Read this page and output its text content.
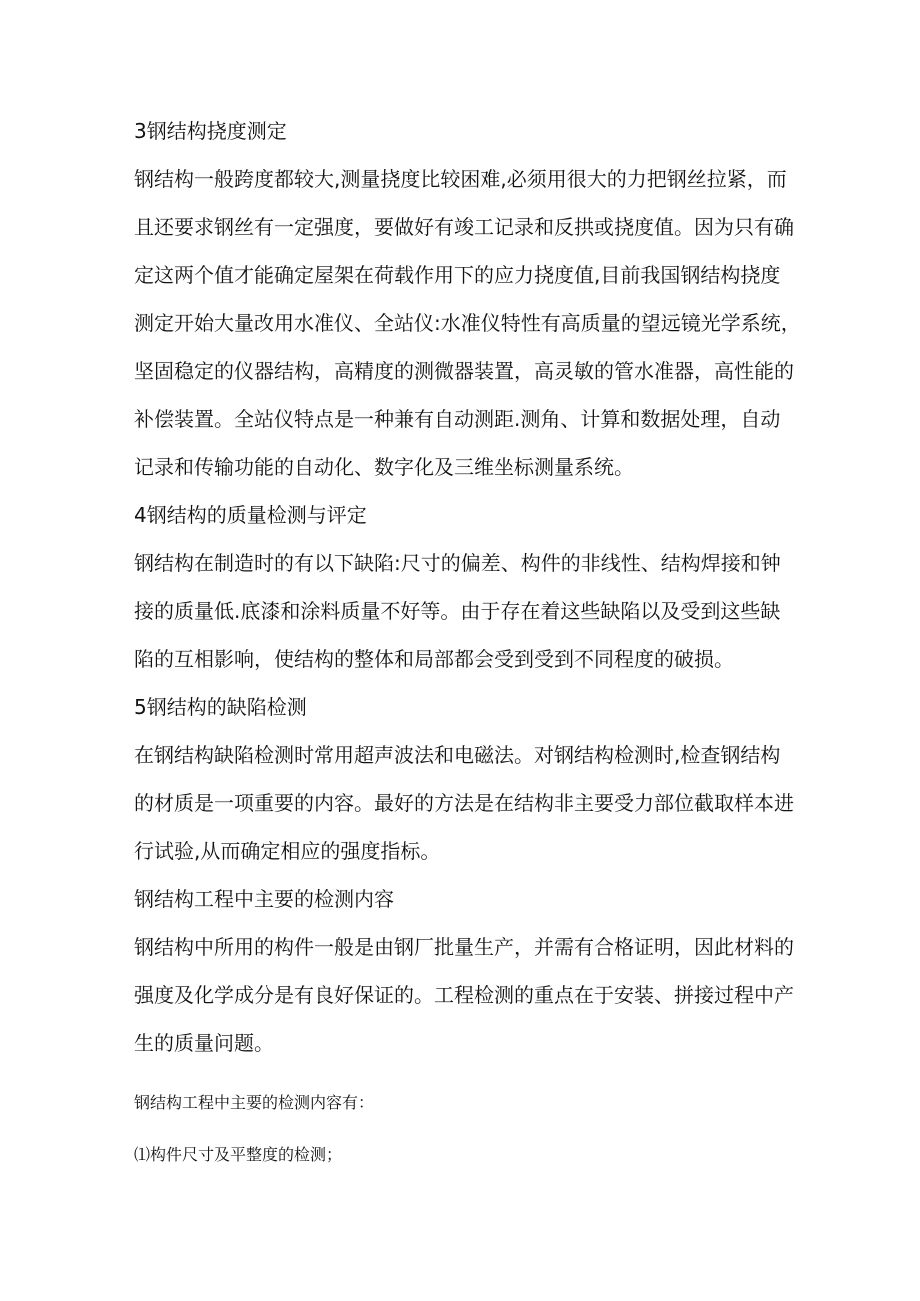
3钢结构挠度测定
钢结构一般跨度都较大,测量挠度比较困难,必须用很大的力把钢丝拉紧，而
且还要求钢丝有一定强度，要做好有竣工记录和反拱或挠度值。因为只有确
定这两个值才能确定屋架在荷载作用下的应力挠度值,目前我国钢结构挠度
测定开始大量改用水准仪、全站仪:水准仪特性有高质量的望远镜光学系统，
坚固稳定的仪器结构，高精度的测微器装置，高灵敏的管水准器，高性能的
补偿装置。全站仪特点是一种兼有自动测距.测角、计算和数据处理，自动
记录和传输功能的自动化、数字化及三维坐标测量系统。
4钢结构的质量检测与评定
钢结构在制造时的有以下缺陷:尺寸的偏差、构件的非线性、结构焊接和钟
接的质量低.底漆和涂料质量不好等。由于存在着这些缺陷以及受到这些缺
陷的互相影响，使结构的整体和局部都会受到受到不同程度的破损。
5钢结构的缺陷检测
在钢结构缺陷检测时常用超声波法和电磁法。对钢结构检测时,检查钢结构
的材质是一项重要的内容。最好的方法是在结构非主要受力部位截取样本进
行试验,从而确定相应的强度指标。
钢结构工程中主要的检测内容
钢结构中所用的构件一般是由钢厂批量生产，并需有合格证明，因此材料的
强度及化学成分是有良好保证的。工程检测的重点在于安装、拼接过程中产
生的质量问题。
钢结构工程中主要的检测内容有：
⑴构件尺寸及平整度的检测；
